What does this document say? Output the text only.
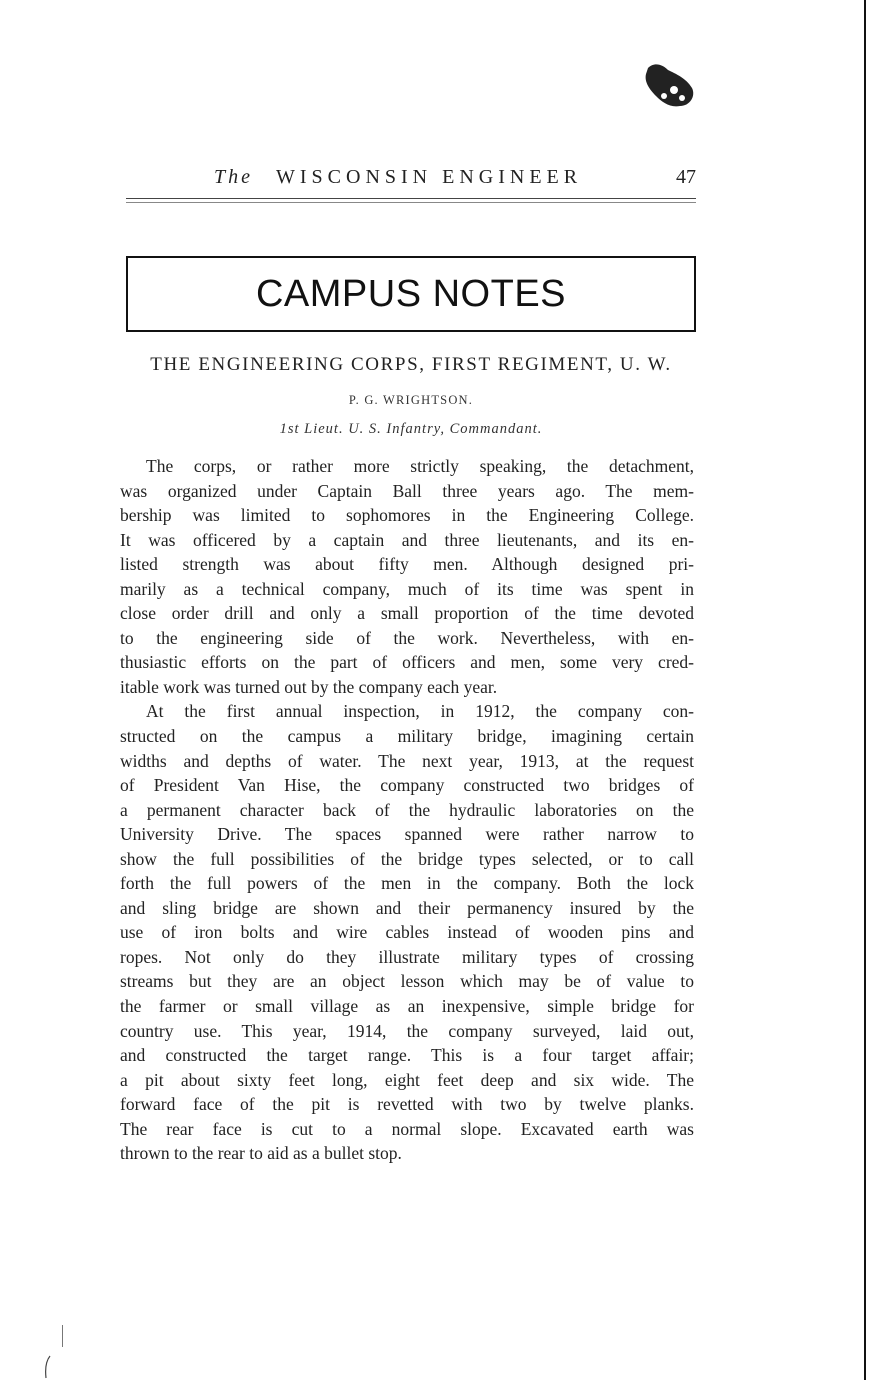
The WISCONSIN ENGINEER	47
CAMPUS NOTES
THE ENGINEERING CORPS, FIRST REGIMENT, U. W.
P. G. WRIGHTSON.
1st Lieut. U. S. Infantry, Commandant.
The corps, or rather more strictly speaking, the detachment,
was organized under Captain Ball three years ago. The mem-
bership was limited to sophomores in the Engineering College.
It was officered by a captain and three lieutenants, and its en-
listed strength was about fifty men. Although designed pri-
marily as a technical company, much of its time was spent in
close order drill and only a small proportion of the time devoted
to the engineering side of the work. Nevertheless, with en-
thusiastic efforts on the part of officers and men, some very cred-
itable work was turned out by the company each year.
At the first annual inspection, in 1912, the company con-
structed on the campus a military bridge, imagining certain
widths and depths of water. The next year, 1913, at the request
of President Van Hise, the company constructed two bridges of
a permanent character back of the hydraulic laboratories on the
University Drive. The spaces spanned were rather narrow to
show the full possibilities of the bridge types selected, or to call
forth the full powers of the men in the company. Both the lock
and sling bridge are shown and their permanency insured by the
use of iron bolts and wire cables instead of wooden pins and
ropes. Not only do they illustrate military types of crossing
streams but they are an object lesson which may be of value to
the farmer or small village as an inexpensive, simple bridge for
country use. This year, 1914, the company surveyed, laid out,
and constructed the target range. This is a four target affair;
a pit about sixty feet long, eight feet deep and six wide. The
forward face of the pit is revetted with two by twelve planks.
The rear face is cut to a normal slope. Excavated earth was
thrown to the rear to aid as a bullet stop.
